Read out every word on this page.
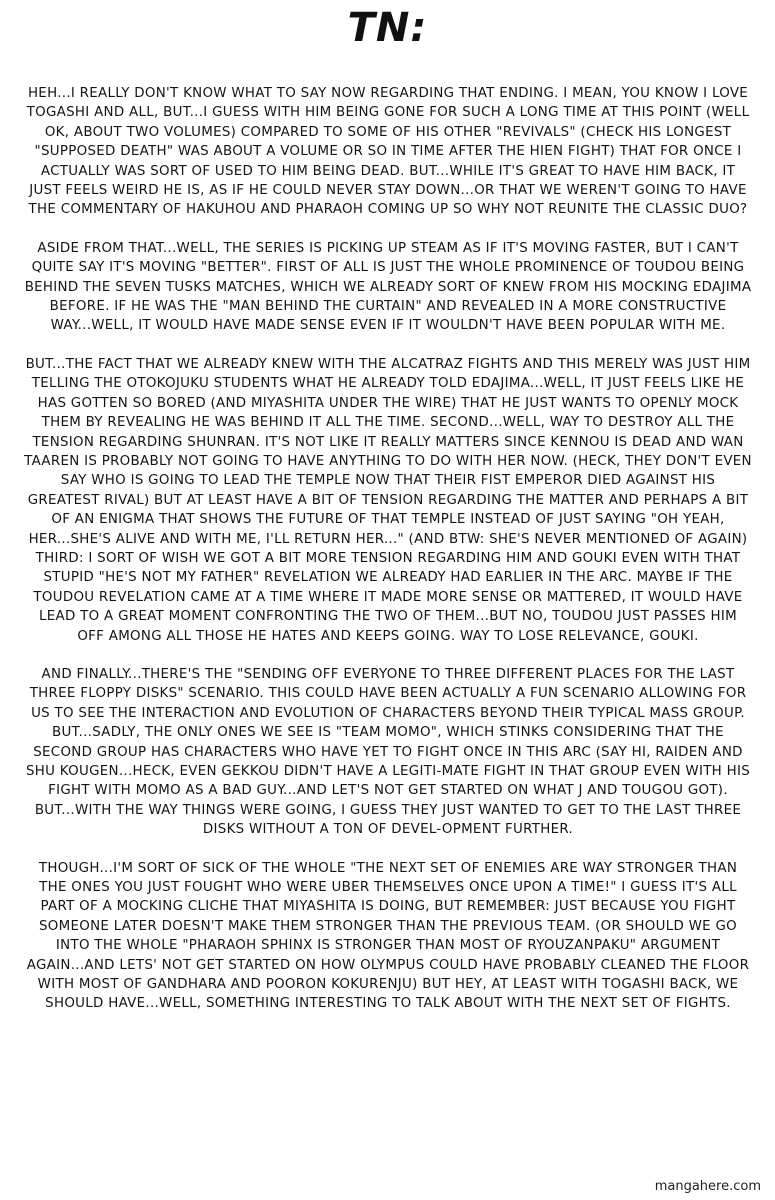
TN:

HEH...I REALLY DON'T KNOW WHAT TO SAY NOW REGARDING THAT ENDING. I MEAN, YOU KNOW I LOVE TOGASHI AND ALL, BUT...I GUESS WITH HIM BEING GONE FOR SUCH A LONG TIME AT THIS POINT (WELL OK, ABOUT TWO VOLUMES) COMPARED TO SOME OF HIS OTHER "REVIVALS" (CHECK HIS LONGEST "SUPPOSED DEATH" WAS ABOUT A VOLUME OR SO IN TIME AFTER THE HIEN FIGHT) THAT FOR ONCE I ACTUALLY WAS SORT OF USED TO HIM BEING DEAD. BUT...WHILE IT'S GREAT TO HAVE HIM BACK, IT JUST FEELS WEIRD HE IS, AS IF HE COULD NEVER STAY DOWN...OR THAT WE WEREN'T GOING TO HAVE THE COMMENTARY OF HAKUHOU AND PHARAOH COMING UP SO WHY NOT REUNITE THE CLASSIC DUO?

ASIDE FROM THAT...WELL, THE SERIES IS PICKING UP STEAM AS IF IT'S MOVING FASTER, BUT I CAN'T QUITE SAY IT'S MOVING "BETTER". FIRST OF ALL IS JUST THE WHOLE PROMINENCE OF TOUDOU BEING BEHIND THE SEVEN TUSKS MATCHES, WHICH WE ALREADY SORT OF KNEW FROM HIS MOCKING EDAJIMA BEFORE. IF HE WAS THE "MAN BEHIND THE CURTAIN" AND REVEALED IN A MORE CONSTRUCTIVE WAY...WELL, IT WOULD HAVE MADE SENSE EVEN IF IT WOULDN'T HAVE BEEN POPULAR WITH ME.

BUT...THE FACT THAT WE ALREADY KNEW WITH THE ALCATRAZ FIGHTS AND THIS MERELY WAS JUST HIM TELLING THE OTOKOJUKU STUDENTS WHAT HE ALREADY TOLD EDAJIMA...WELL, IT JUST FEELS LIKE HE HAS GOTTEN SO BORED (AND MIYASHITA UNDER THE WIRE) THAT HE JUST WANTS TO OPENLY MOCK THEM BY REVEALING HE WAS BEHIND IT ALL THE TIME. SECOND...WELL, WAY TO DESTROY ALL THE TENSION REGARDING SHUNRAN. IT'S NOT LIKE IT REALLY MATTERS SINCE KENNOU IS DEAD AND WAN TAAREN IS PROBABLY NOT GOING TO HAVE ANYTHING TO DO WITH HER NOW. (HECK, THEY DON'T EVEN SAY WHO IS GOING TO LEAD THE TEMPLE NOW THAT THEIR FIST EMPEROR DIED AGAINST HIS GREATEST RIVAL) BUT AT LEAST HAVE A BIT OF TENSION REGARDING THE MATTER AND PERHAPS A BIT OF AN ENIGMA THAT SHOWS THE FUTURE OF THAT TEMPLE INSTEAD OF JUST SAYING "OH YEAH, HER...SHE'S ALIVE AND WITH ME, I'LL RETURN HER..." (AND BTW: SHE'S NEVER MENTIONED OF AGAIN) THIRD: I SORT OF WISH WE GOT A BIT MORE TENSION REGARDING HIM AND GOUKI EVEN WITH THAT STUPID "HE'S NOT MY FATHER" REVELATION WE ALREADY HAD EARLIER IN THE ARC. MAYBE IF THE TOUDOU REVELATION CAME AT A TIME WHERE IT MADE MORE SENSE OR MATTERED, IT WOULD HAVE LEAD TO A GREAT MOMENT CONFRONTING THE TWO OF THEM...BUT NO, TOUDOU JUST PASSES HIM OFF AMONG ALL THOSE HE HATES AND KEEPS GOING. WAY TO LOSE RELEVANCE, GOUKI.

AND FINALLY...THERE'S THE "SENDING OFF EVERYONE TO THREE DIFFERENT PLACES FOR THE LAST THREE FLOPPY DISKS" SCENARIO. THIS COULD HAVE BEEN ACTUALLY A FUN SCENARIO ALLOWING FOR US TO SEE THE INTERACTION AND EVOLUTION OF CHARACTERS BEYOND THEIR TYPICAL MASS GROUP. BUT...SADLY, THE ONLY ONES WE SEE IS "TEAM MOMO", WHICH STINKS CONSIDERING THAT THE SECOND GROUP HAS CHARACTERS WHO HAVE YET TO FIGHT ONCE IN THIS ARC (SAY HI, RAIDEN AND SHU KOUGEN...HECK, EVEN GEKKOU DIDN'T HAVE A LEGITI-MATE FIGHT IN THAT GROUP EVEN WITH HIS FIGHT WITH MOMO AS A BAD GUY...AND LET'S NOT GET STARTED ON WHAT J AND TOUGOU GOT). BUT...WITH THE WAY THINGS WERE GOING, I GUESS THEY JUST WANTED TO GET TO THE LAST THREE DISKS WITHOUT A TON OF DEVEL-OPMENT FURTHER.

THOUGH...I'M SORT OF SICK OF THE WHOLE "THE NEXT SET OF ENEMIES ARE WAY STRONGER THAN THE ONES YOU JUST FOUGHT WHO WERE UBER THEMSELVES ONCE UPON A TIME!" I GUESS IT'S ALL PART OF A MOCKING CLICHE THAT MIYASHITA IS DOING, BUT REMEMBER: JUST BECAUSE YOU FIGHT SOMEONE LATER DOESN'T MAKE THEM STRONGER THAN THE PREVIOUS TEAM. (OR SHOULD WE GO INTO THE WHOLE "PHARAOH SPHINX IS STRONGER THAN MOST OF RYOUZANPAKU" ARGUMENT AGAIN...AND LETS' NOT GET STARTED ON HOW OLYMPUS COULD HAVE PROBABLY CLEANED THE FLOOR WITH MOST OF GANDHARA AND POORON KOKURENJU) BUT HEY, AT LEAST WITH TOGASHI BACK, WE SHOULD HAVE...WELL, SOMETHING INTERESTING TO TALK ABOUT WITH THE NEXT SET OF FIGHTS.

mangahere.com
